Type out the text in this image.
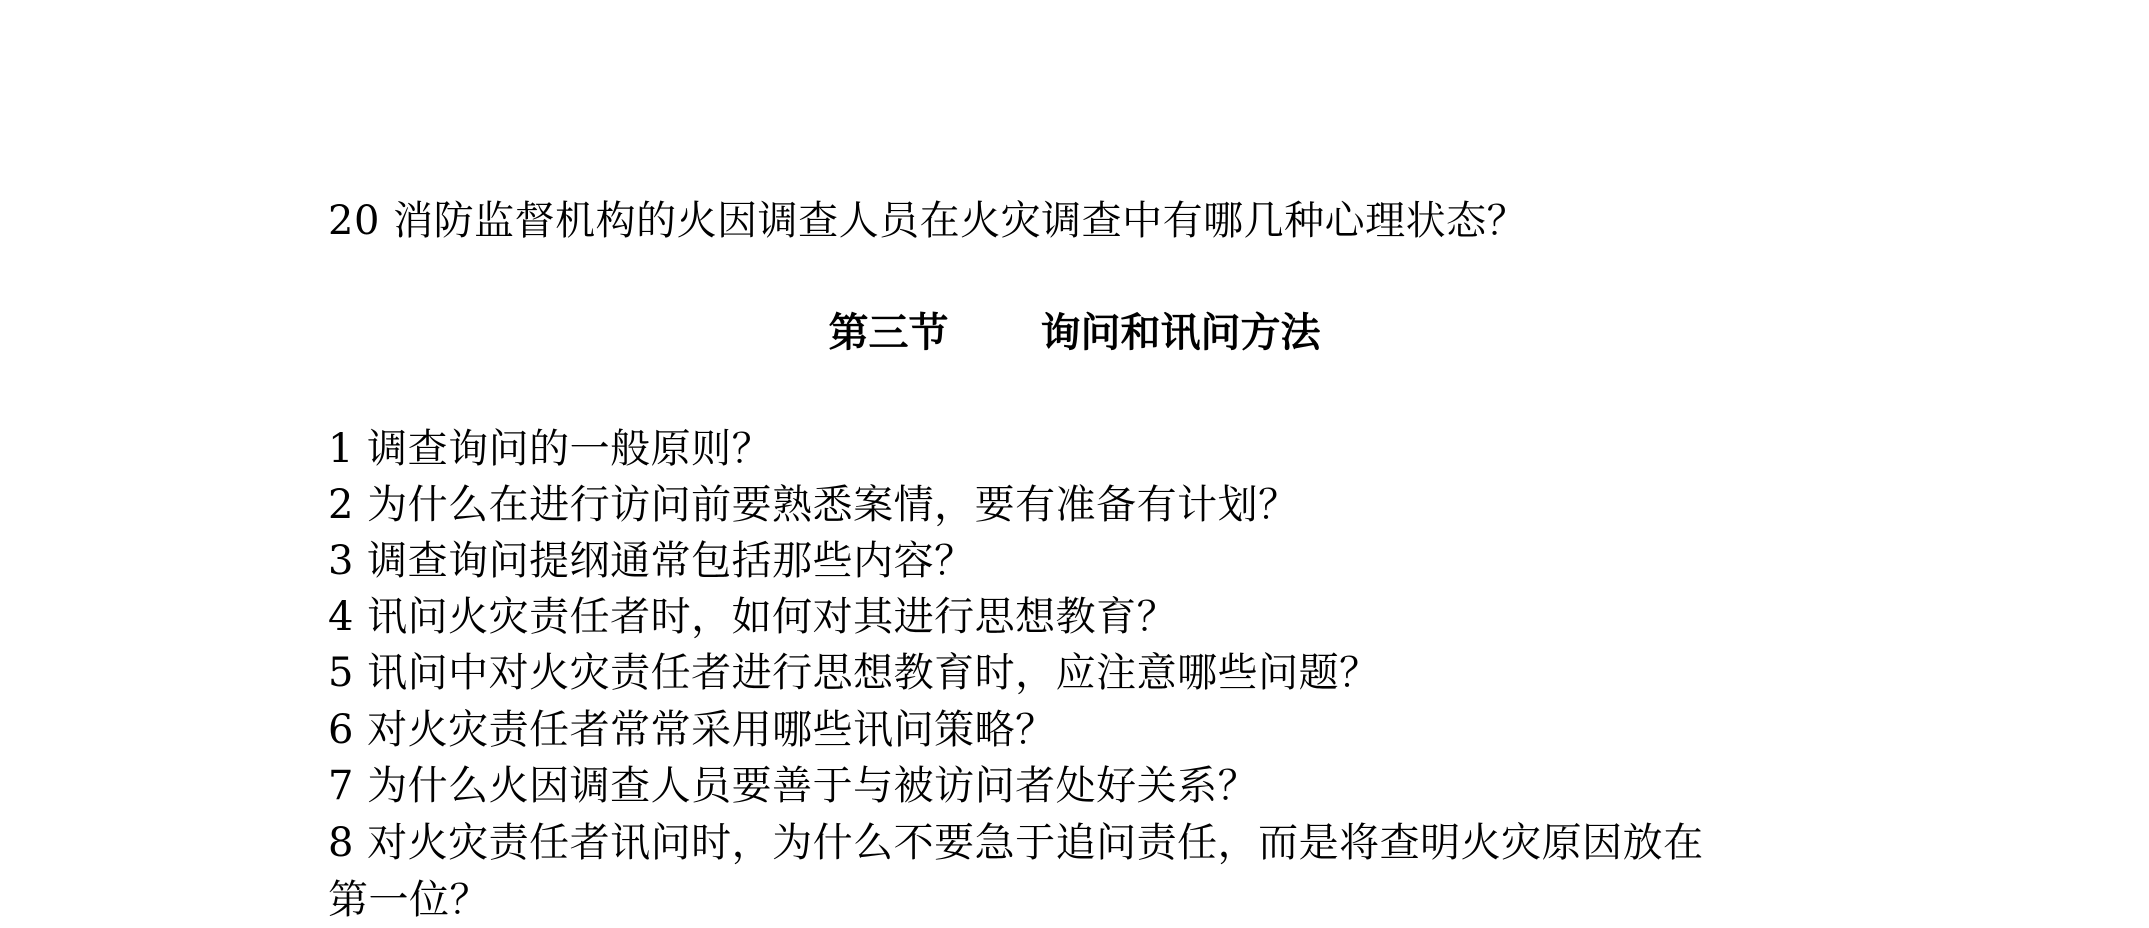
20 消防监督机构的火因调查人员在火灾调查中有哪几种心理状态？
第三节 询问和讯问方法
1 调查询问的一般原则？
2 为什么在进行访问前要熟悉案情，要有准备有计划？
3 调查询问提纲通常包括那些内容？
4 讯问火灾责任者时，如何对其进行思想教育？
5 讯问中对火灾责任者进行思想教育时，应注意哪些问题？
6 对火灾责任者常常采用哪些讯问策略？
7 为什么火因调查人员要善于与被访问者处好关系？
8 对火灾责任者讯问时，为什么不要急于追问责任，而是将查明火灾原因放在
第一位？
